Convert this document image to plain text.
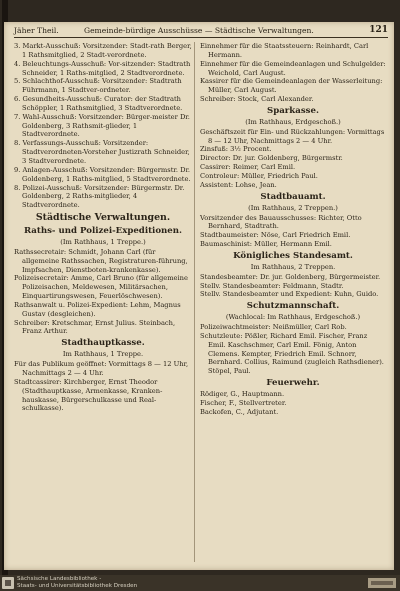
Jäher Theil.	Gemeinde-bürdige Ausschüsse — Städtische Verwaltungen.	121
3. Markt-Ausschuß: Vorsitzender: Stadt-rath Berger, 1 Rathsmitglied, 2 Stadt-verordnete.
4. Beleuchtungs-Ausschuß: Vor-sitzender: Stadtrath Schneider, 1 Raths-mitglied, 2 Stadtverordnete.
5. Schlachthof-Ausschuß: Vorsitzender: Stadtrath Führmann, 1 Stadtver-ordneter.
6. Gesundheits-Ausschuß: Curator: der Stadtrath Schöppler, 1 Rathsmitglied, 3 Stadtverordnete.
7. Wahl-Ausschuß: Vorsitzender: Bürger-meister Dr. Goldenberg, 3 Rathsmit-glieder, 1 Stadtverordnete.
8. Verfassungs-Ausschuß: Vorsitzender: Stadtverordneten-Vorsteher Justizrath Schneider, 3 Stadtverordnete.
9. Anlagen-Ausschuß: Vorsitzender: Bürgermstr. Dr. Goldenberg, 1 Raths-mitglied, 5 Stadtverordnete.
8. Polizei-Ausschuß: Vorsitzender: Bürgermstr. Dr. Goldenberg, 2 Raths-mitglieder, 4 Stadtverordnete.
Städtische Verwaltungen.
Raths- und Polizei-Expeditionen.
(Im Rathhaus, 1 Treppe.)
Rathssecretair: Schmidt, Johann Carl (für allgemeine Rathssachen, Registraturen-führung, Impfsachen, Dienstboten-krankenkasse).
Polizeisecretair: Amme, Carl Bruno (für allgemeine Polizeisachen, Meldewesen, Militärsachen, Einquartirungswesen, Feuerlöschwesen).
Rathsanwalt u. Polizei-Expedient: Lehm, Magnus Gustav (desgleichen).
Schreiber: Kretschmar, Ernst Julius. Steinbach, Franz Arthur.
Stadthauptkasse.
Im Rathhaus, 1 Treppe.
Für das Publikum geöffnet: Vormittags 8 — 12 Uhr, Nachmittags 2 — 4 Uhr.
Stadtcassirer: Kirchberger, Ernst Theodor (Stadthauptkasse, Armenkasse, Kranken-hauskasse, Bürgerschulkasse und Real-schulkasse).
Einnehmer für die Staatssteuern: Reinhardt, Carl Hermann.
Einnehmer für die Gemeindeanlagen und Schulgelder: Weichold, Carl August.
Kassirer für die Gemeindeanlagen der Wasserleitung: Müller, Carl August.
Schreiber: Stock, Carl Alexander.
Sparkasse.
(Im Rathhaus, Erdgeschoß.)
Geschäftszeit für Ein- und Rückzahlungen: Vormittags 8 — 12 Uhr, Nachmittags 2 — 4 Uhr.
Zinsfuß: 3½ Procent.
Director: Dr. jur. Goldenberg, Bürgermstr.
Cassirer: Reimer, Carl Emil.
Controleur: Müller, Friedrich Paul.
Assistent: Lohse, Jean.
Stadtbauamt.
(Im Rathhaus, 2 Treppen.)
Vorsitzender des Bauausschusses: Richter, Otto Bernhard, Stadtrath.
Stadtbaumeister: Nöse, Carl Friedrich Emil.
Baumaschinist: Müller, Hermann Emil.
Königliches Standesamt.
Im Rathhaus, 2 Treppen.
Standesbeamter: Dr. jur. Goldenberg, Bürgermeister.
Stellv. Standesbeamter: Feldmann, Stadtr.
Stellv. Standesbeamter und Expedient: Kuhn, Guido.
Schutzmannschaft.
(Wachlocal: Im Rathhaus, Erdgeschoß.)
Polizeiwachtmeister: Neißmüller, Carl Rob.
Schutzleute: Pößler, Richard Emil. Fischer, Franz Emil. Kaschschmer, Carl Emil. Fönig, Anton Clemens. Kempter, Friedrich Emil. Schnorr, Bernhard. Collius, Raimund (zugleich Rathsdiener). Stöpel, Paul.
Feuerwehr.
Rödiger, G., Hauptmann.
Fischer, F., Stellvertreter.
Backofen, C., Adjutant.
Sächsische Landesbibliothek -
Staats- und Universitätsbibliothek Dresden
